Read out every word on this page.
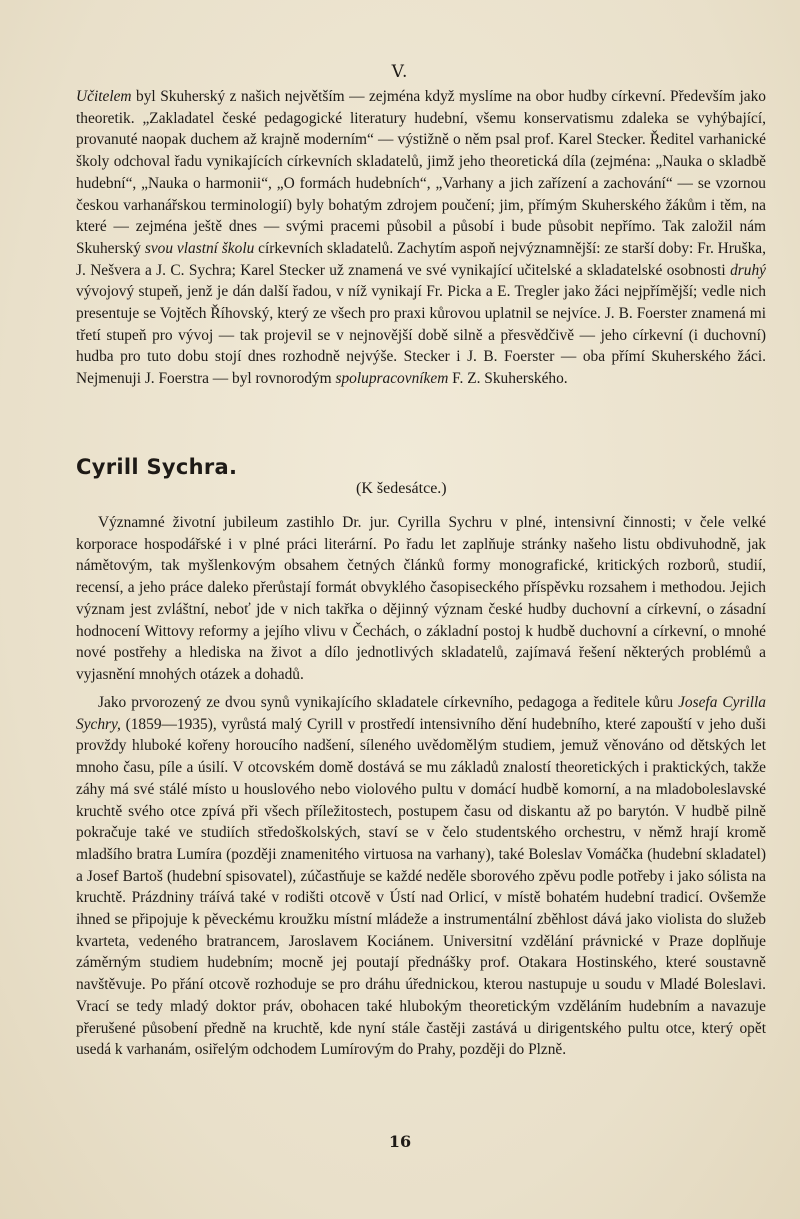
V.

Učitelem byl Skuherský z našich největším — zejména když myslíme na obor hudby církevní. Především jako theoretik. „Zakladatel české pedagogické literatury hudební, všemu konservatismu zdaleka se vyhýbající, provanuté naopak duchem až krajně moderním“ — výstižně o něm psal prof. Karel Stecker. Ředitel varhanické školy odchoval řadu vynikajících církevních skladatelů, jimž jeho theoretická díla (zejména: „Nauka o skladbě hudební“, „Nauka o harmonii“, „O formách hudebních“, „Varhany a jich zařízení a zachování“ — se vzornou českou varhanářskou terminologií) byly bohatým zdrojem poučení; jim, přímým Skuherského žákům i těm, na které — zejména ještě dnes — svými pracemi působil a působí i bude působit nepřímo. Tak založil nám Skuherský svou vlastní školu církevních skladatelů. Zachytím aspoň nejvýznamnější: ze starší doby: Fr. Hruška, J. Nešvera a J. C. Sychra; Karel Stecker už znamená ve své vynikající učitelské a skladatelské osobnosti druhý vývojový stupeň, jenž je dán další řadou, v níž vynikají Fr. Picka a E. Tregler jako žáci nejpřímější; vedle nich presentuje se Vojtěch Říhovský, který ze všech pro praxi kůrovou uplatnil se nejvíce. J. B. Foerster znamená mi třetí stupeň pro vývoj — tak projevil se v nejnovější době silně a přesvědčivě — jeho církevní (i duchovní) hudba pro tuto dobu stojí dnes rozhodně nejvýše. Stecker i J. B. Foerster — oba přímí Skuherského žáci. Nejmenuji J. Foerstra — byl rovnorodým spolupracovníkem F. Z. Skuherského.

Cyrill Sychra.
(K šedesátce.)

Významné životní jubileum zastihlo Dr. jur. Cyrilla Sychru v plné, intensivní činnosti; v čele velké korporace hospodářské i v plné práci literární. Po řadu let zaplňuje stránky našeho listu obdivuhodně, jak námětovým, tak myšlenkovým obsahem četných článků formy monografické, kritických rozborů, studií, recensí, a jeho práce daleko přerůstají formát obvyklého časopiseckého příspěvku rozsahem i methodou. Jejich význam jest zvláštní, neboť jde v nich takřka o dějinný význam české hudby duchovní a církevní, o zásadní hodnocení Wittovy reformy a jejího vlivu v Čechách, o základní postoj k hudbě duchovní a církevní, o mnohé nové postřehy a hlediska na život a dílo jednotlivých skladatelů, zajímavá řešení některých problémů a vyjasnění mnohých otázek a dohadů.

Jako prvorozený ze dvou synů vynikajícího skladatele církevního, pedagoga a ředitele kůru Josefa Cyrilla Sychry, (1859—1935), vyrůstá malý Cyrill v prostředí intensivního dění hudebního, které zapouští v jeho duši provždy hluboké kořeny horoucího nadšení, síleného uvědomělým studiem, jemuž věnováno od dětských let mnoho času, píle a úsilí. V otcovském domě dostává se mu základů znalostí theoretických i praktických, takže záhy má své stálé místo u houslového nebo violového pultu v domácí hudbě komorní, a na mladoboleslavské kruchtě svého otce zpívá při všech příležitostech, postupem času od diskantu až po barytón. V hudbě pilně pokračuje také ve studiích středoškolských, staví se v čelo studentského orchestru, v němž hrají kromě mladšího bratra Lumíra (později znamenitého virtuosa na varhany), také Boleslav Vomáčka (hudební skladatel) a Josef Bartoš (hudební spisovatel), zúčastňuje se každé neděle sborového zpěvu podle potřeby i jako sólista na kruchtě. Prázdniny tráívá také v rodišti otcově v Ústí nad Orlicí, v místě bohatém hudební tradicí. Ovšemže ihned se připojuje k pěveckému kroužku místní mládeže a instrumentální zběhlost dává jako violista do služeb kvarteta, vedeného bratrancem, Jaroslavem Kociánem. Universitní vzdělání právnické v Praze doplňuje záměrným studiem hudebním; mocně jej poutají přednášky prof. Otakara Hostinského, které soustavně navštěvuje. Po přání otcově rozhoduje se pro dráhu úřednickou, kterou nastupuje u soudu v Mladé Boleslavi. Vrací se tedy mladý doktor práv, obohacen také hlubokým theoretickým vzděláním hudebním a navazuje přerušené působení předně na kruchtě, kde nyní stále častěji zastává u dirigentského pultu otce, který opět usedá k varhanám, osiřelým odchodem Lumírovým do Prahy, později do Plzně.

16
